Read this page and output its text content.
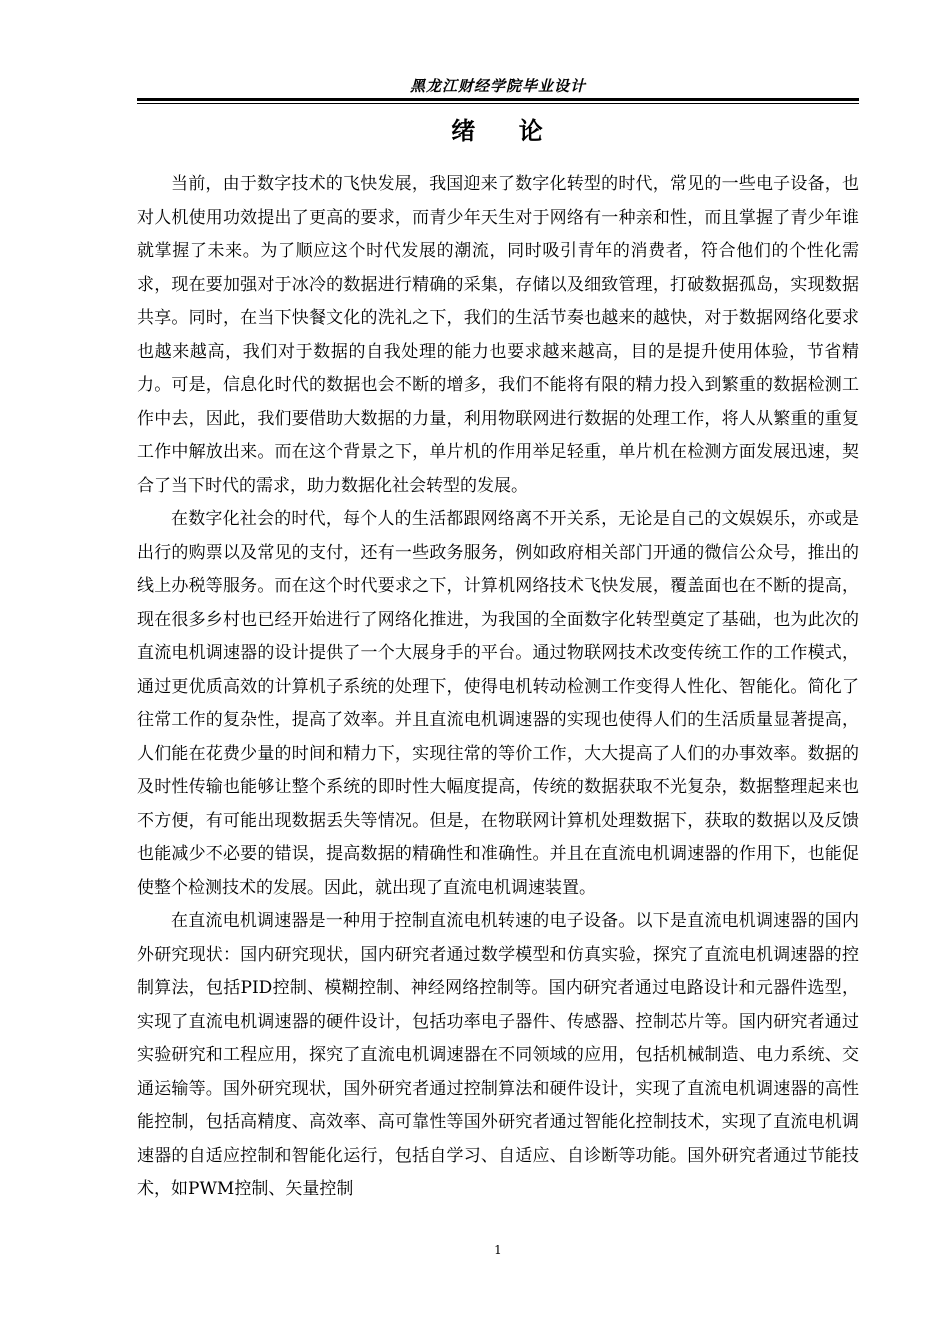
黑龙江财经学院毕业设计
绪    论

当前，由于数字技术的飞快发展，我国迎来了数字化转型的时代，常见的一些电子设备，也对人机使用功效提出了更高的要求，而青少年天生对于网络有一种亲和性，而且掌握了青少年谁就掌握了未来。为了顺应这个时代发展的潮流，同时吸引青年的消费者，符合他们的个性化需求，现在要加强对于冰冷的数据进行精确的采集，存储以及细致管理，打破数据孤岛，实现数据共享。同时，在当下快餐文化的洗礼之下，我们的生活节奏也越来的越快，对于数据网络化要求也越来越高，我们对于数据的自我处理的能力也要求越来越高，目的是提升使用体验，节省精力。可是，信息化时代的数据也会不断的增多，我们不能将有限的精力投入到繁重的数据检测工作中去，因此，我们要借助大数据的力量，利用物联网进行数据的处理工作，将人从繁重的重复工作中解放出来。而在这个背景之下，单片机的作用举足轻重，单片机在检测方面发展迅速，契合了当下时代的需求，助力数据化社会转型的发展。

在数字化社会的时代，每个人的生活都跟网络离不开关系，无论是自己的文娱娱乐，亦或是出行的购票以及常见的支付，还有一些政务服务，例如政府相关部门开通的微信公众号，推出的线上办税等服务。而在这个时代要求之下，计算机网络技术飞快发展，覆盖面也在不断的提高，现在很多乡村也已经开始进行了网络化推进，为我国的全面数字化转型奠定了基础，也为此次的直流电机调速器的设计提供了一个大展身手的平台。通过物联网技术改变传统工作的工作模式，通过更优质高效的计算机子系统的处理下，使得电机转动检测工作变得人性化、智能化。简化了往常工作的复杂性，提高了效率。并且直流电机调速器的实现也使得人们的生活质量显著提高，人们能在花费少量的时间和精力下，实现往常的等价工作，大大提高了人们的办事效率。数据的及时性传输也能够让整个系统的即时性大幅度提高，传统的数据获取不光复杂，数据整理起来也不方便，有可能出现数据丢失等情况。但是，在物联网计算机处理数据下，获取的数据以及反馈也能减少不必要的错误，提高数据的精确性和准确性。并且在直流电机调速器的作用下，也能促使整个检测技术的发展。因此，就出现了直流电机调速装置。

在直流电机调速器是一种用于控制直流电机转速的电子设备。以下是直流电机调速器的国内外研究现状：国内研究现状，国内研究者通过数学模型和仿真实验，探究了直流电机调速器的控制算法，包括PID控制、模糊控制、神经网络控制等。国内研究者通过电路设计和元器件选型，实现了直流电机调速器的硬件设计，包括功率电子器件、传感器、控制芯片等。国内研究者通过实验研究和工程应用，探究了直流电机调速器在不同领域的应用，包括机械制造、电力系统、交通运输等。国外研究现状，国外研究者通过控制算法和硬件设计，实现了直流电机调速器的高性能控制，包括高精度、高效率、高可靠性等国外研究者通过智能化控制技术，实现了直流电机调速器的自适应控制和智能化运行，包括自学习、自适应、自诊断等功能。国外研究者通过节能技术，如PWM控制、矢量控制

1
